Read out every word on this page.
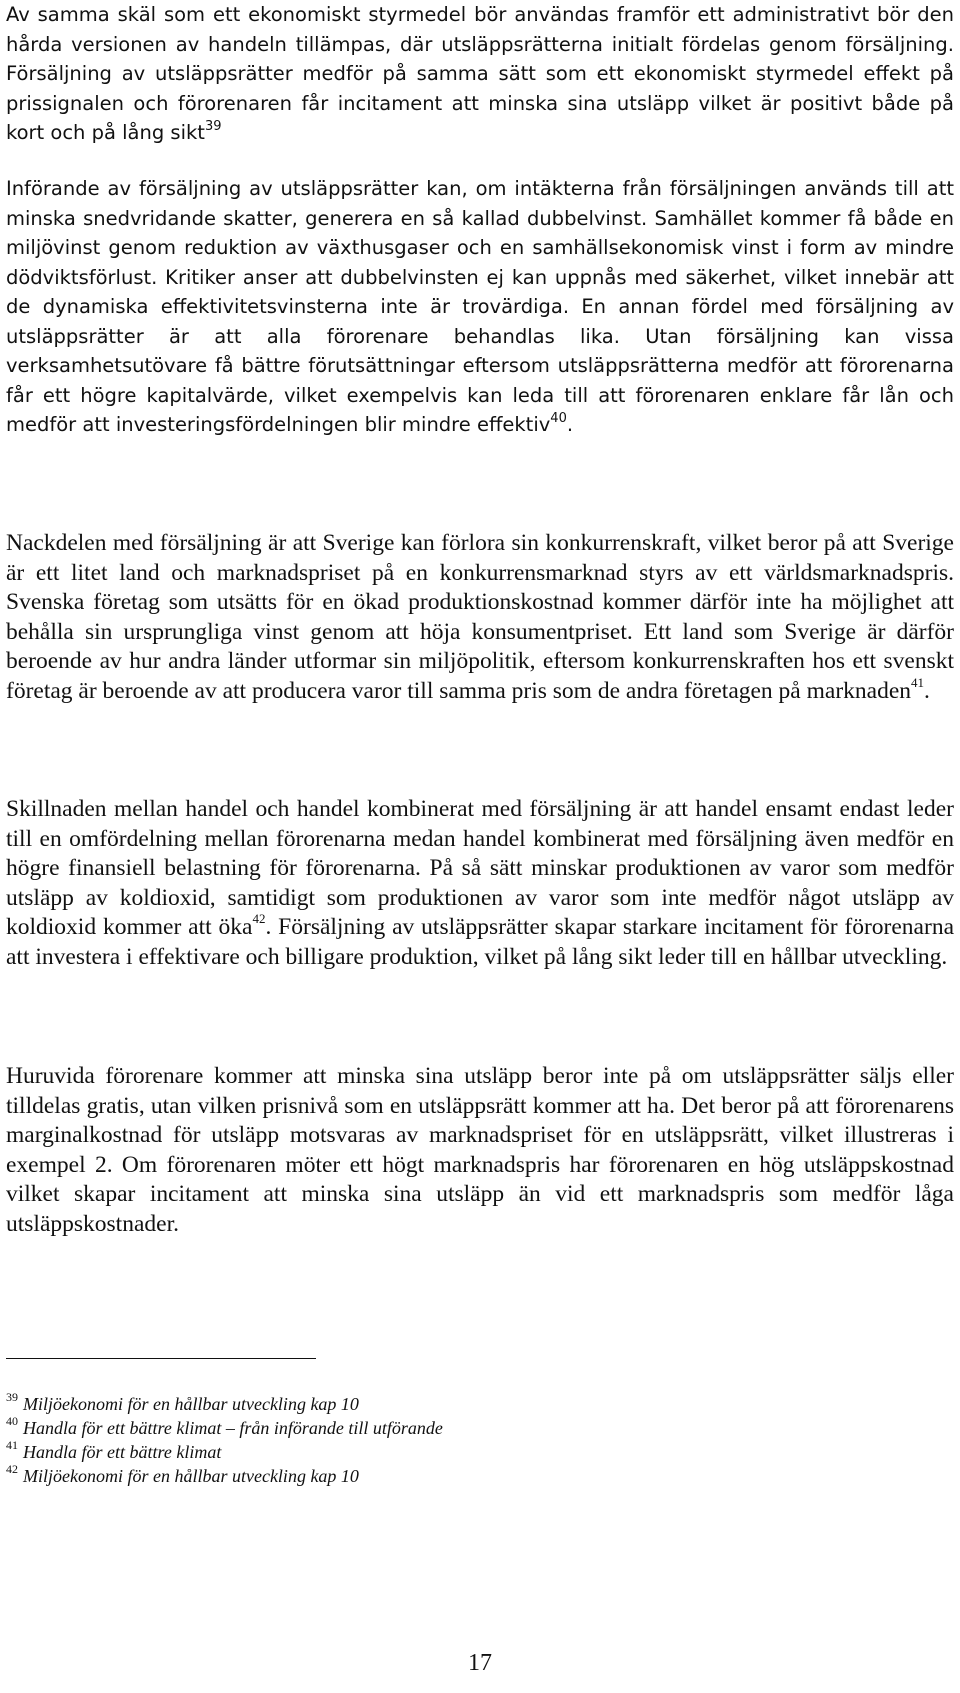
Av samma skäl som ett ekonomiskt styrmedel bör användas framför ett administrativt bör den hårda versionen av handeln tillämpas, där utsläppsrätterna initialt fördelas genom försäljning. Försäljning av utsläppsrätter medför på samma sätt som ett ekonomiskt styrmedel effekt på prissignalen och förorenaren får incitament att minska sina utsläpp vilket är positivt både på kort och på lång sikt$^{39}$

Införande av försäljning av utsläppsrätter kan, om intäkterna från försäljningen används till att minska snedvridande skatter, generera en så kallad dubbelvinst. Samhället kommer få både en miljövinst genom reduktion av växthusgaser och en samhällsekonomisk vinst i form av mindre dödviktsförlust. Kritiker anser att dubbelvinsten ej kan uppnås med säkerhet, vilket innebär att de dynamiska effektivitetsvinsterna inte är trovärdiga. En annan fördel med försäljning av utsläppsrätter är att alla förorenare behandlas lika. Utan försäljning kan vissa verksamhetsutövare få bättre förutsättningar eftersom utsläppsrätterna medför att förorenarna får ett högre kapitalvärde, vilket exempelvis kan leda till att förorenaren enklare får lån och medför att investeringsfördelningen blir mindre effektiv$^{40}$.

Nackdelen med försäljning är att Sverige kan förlora sin konkurrenskraft, vilket beror på att Sverige är ett litet land och marknadspriset på en konkurrensmarknad styrs av ett världsmarknadspris. Svenska företag som utsätts för en ökad produktionskostnad kommer därför inte ha möjlighet att behålla sin ursprungliga vinst genom att höja konsumentpriset. Ett land som Sverige är därför beroende av hur andra länder utformar sin miljöpolitik, eftersom konkurrenskraften hos ett svenskt företag är beroende av att producera varor till samma pris som de andra företagen på marknaden$^{41}$.

Skillnaden mellan handel och handel kombinerat med försäljning är att handel ensamt endast leder till en omfördelning mellan förorenarna medan handel kombinerat med försäljning även medför en högre finansiell belastning för förorenarna. På så sätt minskar produktionen av varor som medför utsläpp av koldioxid, samtidigt som produktionen av varor som inte medför något utsläpp av koldioxid kommer att öka$^{42}$. Försäljning av utsläppsrätter skapar starkare incitament för förorenarna att investera i effektivare och billigare produktion, vilket på lång sikt leder till en hållbar utveckling.

Huruvida förorenare kommer att minska sina utsläpp beror inte på om utsläppsrätter säljs eller tilldelas gratis, utan vilken prisnivå som en utsläppsrätt kommer att ha. Det beror på att förorenarens marginalkostnad för utsläpp motsvaras av marknadspriset för en utsläppsrätt, vilket illustreras i exempel 2. Om förorenaren möter ett högt marknadspris har förorenaren en hög utsläppskostnad vilket skapar incitament att minska sina utsläpp än vid ett marknadspris som medför låga utsläppskostnader.

$^{39}$ Miljöekonomi för en hållbar utveckling kap 10

$^{40}$ Handla för ett bättre klimat – från införande till utförande

$^{41}$ Handla för ett bättre klimat

$^{42}$ Miljöekonomi för en hållbar utveckling kap 10

17
